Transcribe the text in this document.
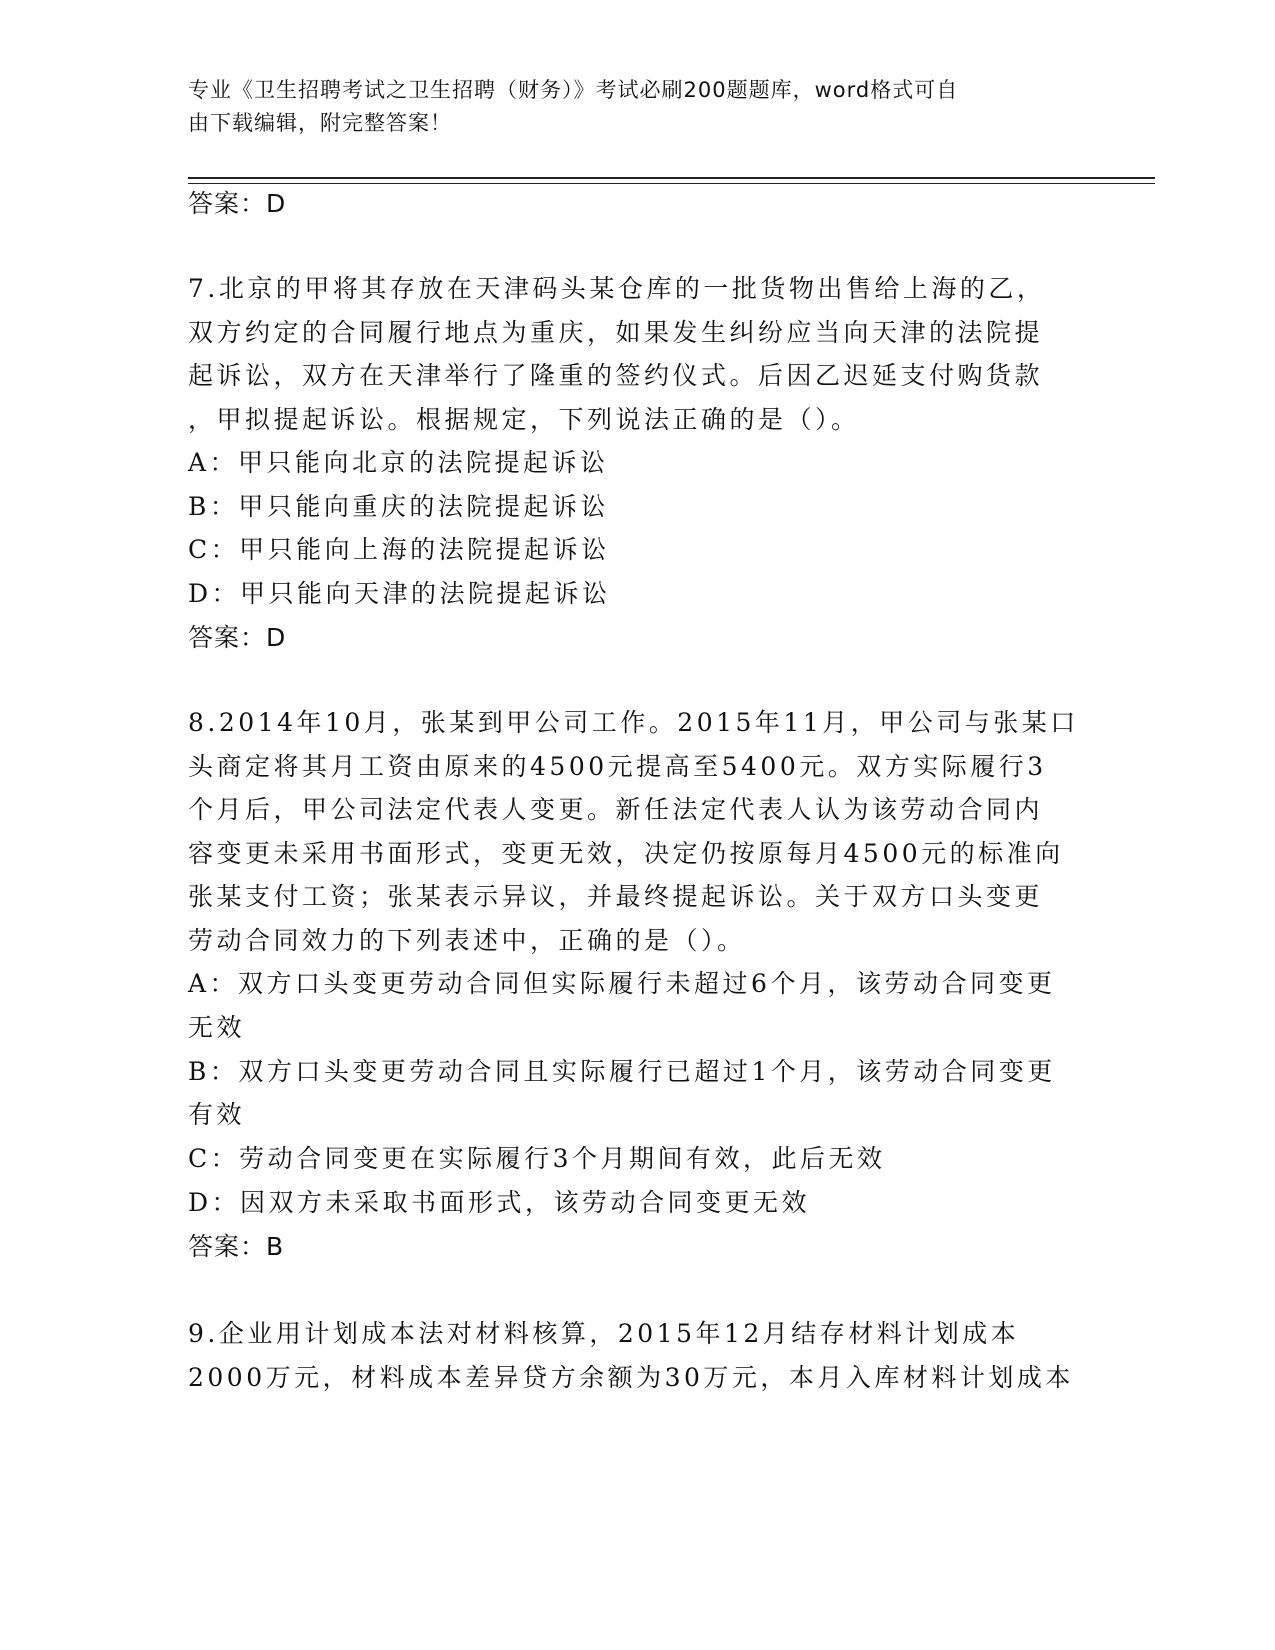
专业《卫生招聘考试之卫生招聘（财务）》考试必刷200题题库，word格式可自
由下载编辑，附完整答案！
答案：D
7.北京的甲将其存放在天津码头某仓库的一批货物出售给上海的乙，
双方约定的合同履行地点为重庆，如果发生纠纷应当向天津的法院提
起诉讼，双方在天津举行了隆重的签约仪式。后因乙迟延支付购货款
，甲拟提起诉讼。根据规定，下列说法正确的是（）。
A：甲只能向北京的法院提起诉讼
B：甲只能向重庆的法院提起诉讼
C：甲只能向上海的法院提起诉讼
D：甲只能向天津的法院提起诉讼
答案：D
8.2014年10月，张某到甲公司工作。2015年11月，甲公司与张某口
头商定将其月工资由原来的4500元提高至5400元。双方实际履行3
个月后，甲公司法定代表人变更。新任法定代表人认为该劳动合同内
容变更未采用书面形式，变更无效，决定仍按原每月4500元的标准向
张某支付工资；张某表示异议，并最终提起诉讼。关于双方口头变更
劳动合同效力的下列表述中，正确的是（）。
A：双方口头变更劳动合同但实际履行未超过6个月，该劳动合同变更
无效
B：双方口头变更劳动合同且实际履行已超过1个月，该劳动合同变更
有效
C：劳动合同变更在实际履行3个月期间有效，此后无效
D：因双方未采取书面形式，该劳动合同变更无效
答案：B
9.企业用计划成本法对材料核算，2015年12月结存材料计划成本
2000万元，材料成本差异贷方余额为30万元，本月入库材料计划成本
